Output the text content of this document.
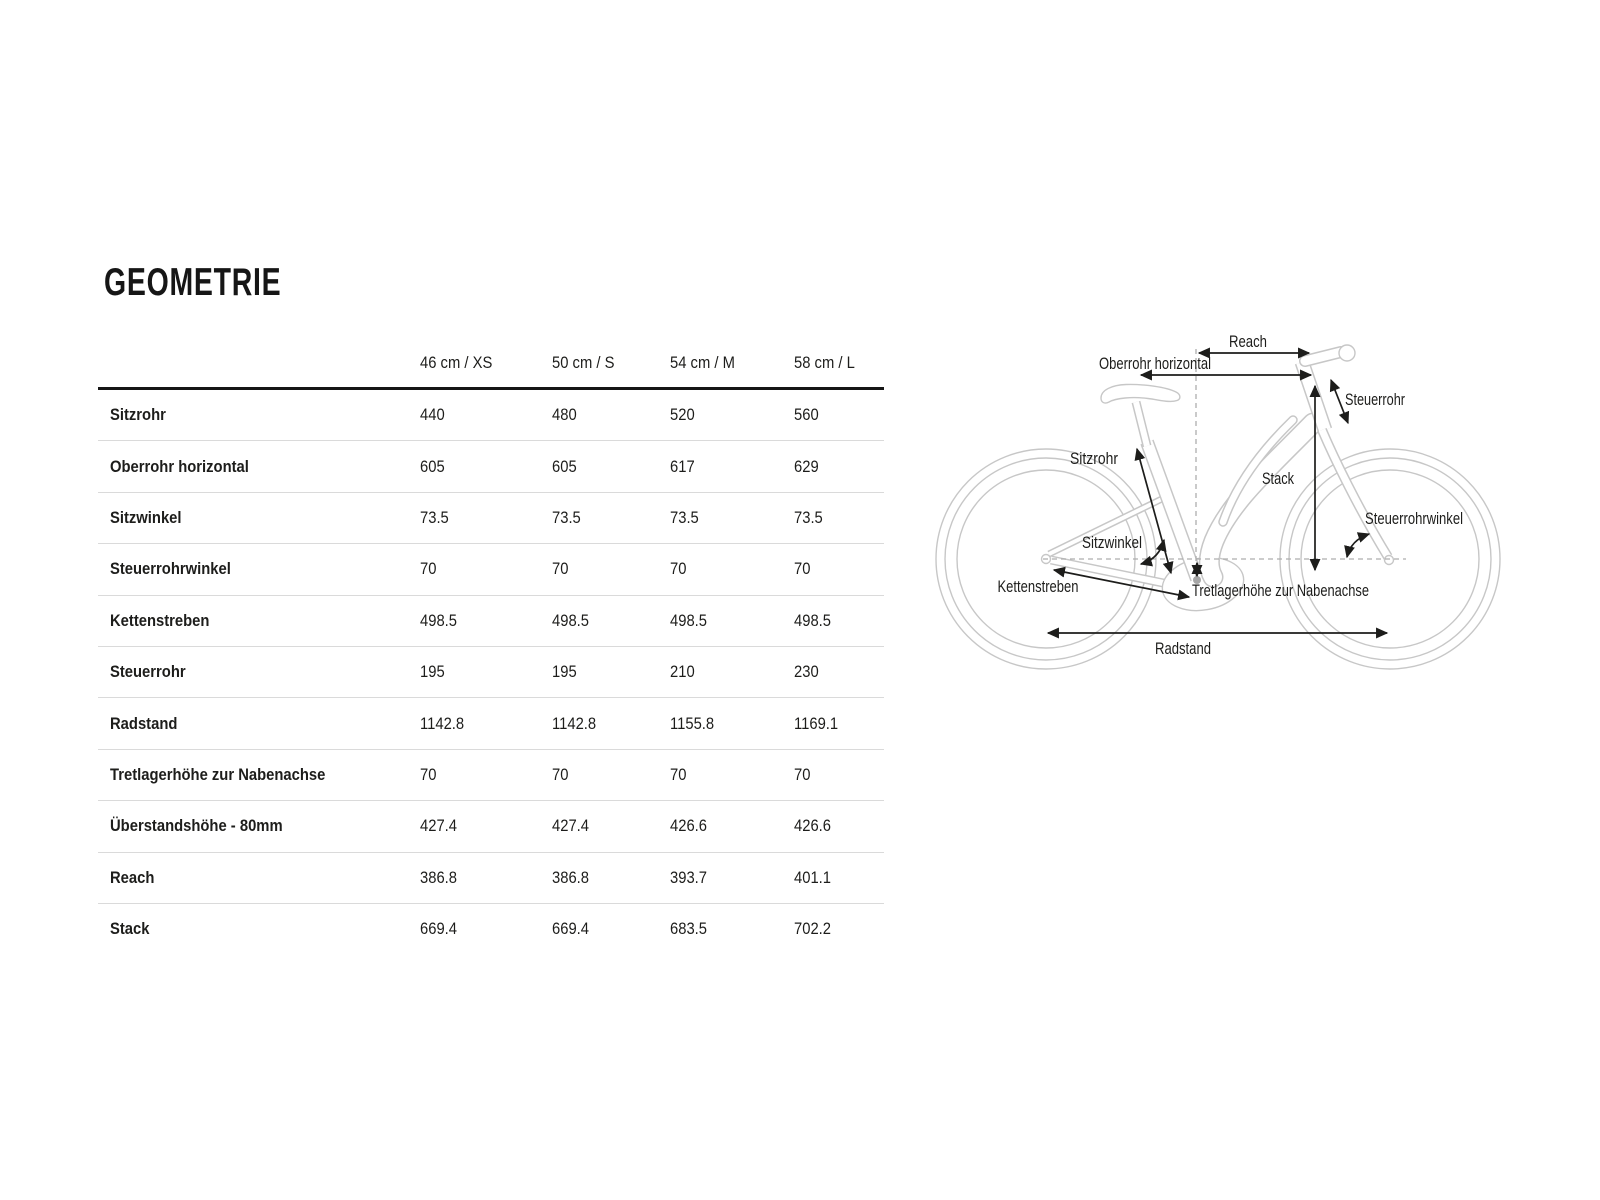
GEOMETRIE
46 cm / XS	50 cm / S	54 cm / M	58 cm / L
Sitzrohr	440	480	520	560
Oberrohr horizontal	605	605	617	629
Sitzwinkel	73.5	73.5	73.5	73.5
Steuerrohrwinkel	70	70	70	70
Kettenstreben	498.5	498.5	498.5	498.5
Steuerrohr	195	195	210	230
Radstand	1142.8	1142.8	1155.8	1169.1
Tretlagerhöhe zur Nabenachse	70	70	70	70
Überstandshöhe - 80mm	427.4	427.4	426.6	426.6
Reach	386.8	386.8	393.7	401.1
Stack	669.4	669.4	683.5	702.2
Reach
Oberrohr horizontal
Steuerrohr
Sitzrohr
Stack
Sitzwinkel
Steuerrohrwinkel
Kettenstreben	Tretlagerhöhe zur Nabenachse
Radstand
